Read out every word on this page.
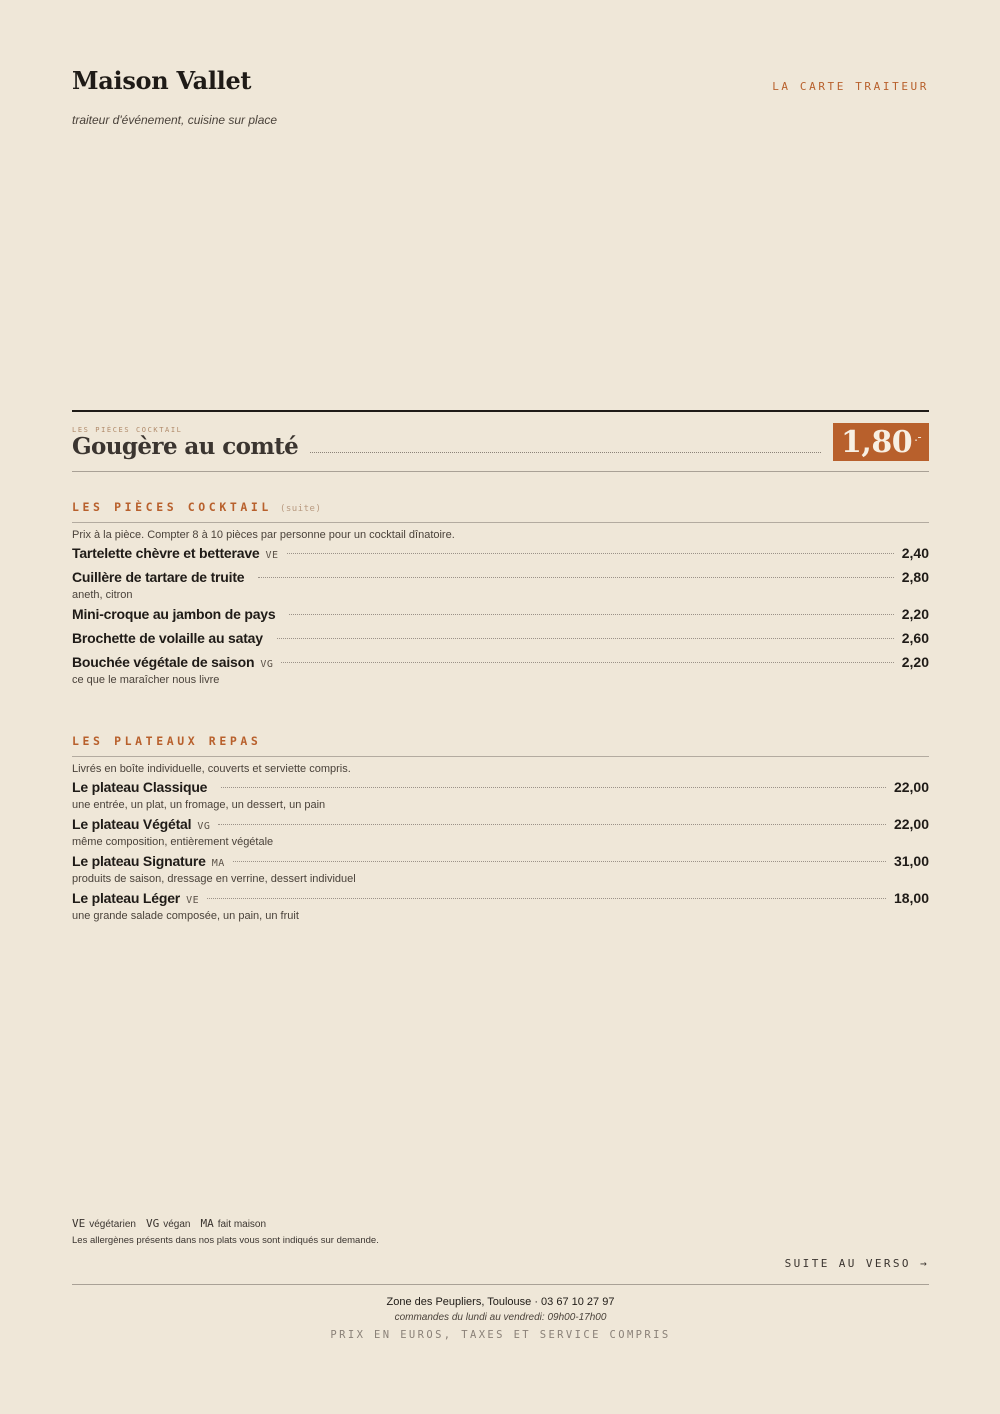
Maison Vallet
traiteur d'événement, cuisine sur place
LA CARTE TRAITEUR
LES PIÈCES COCKTAIL
Gougère au comté	1,80 .-
LES PIÈCES COCKTAIL (suite)
Prix à la pièce. Compter 8 à 10 pièces par personne pour un cocktail dînatoire.
Tartelette chèvre et betterave VE	2,40
Cuillère de tartare de truite	2,80
aneth, citron
Mini-croque au jambon de pays	2,20
Brochette de volaille au satay	2,60
Bouchée végétale de saison VG	2,20
ce que le maraîcher nous livre
LES PLATEAUX REPAS
Livrés en boîte individuelle, couverts et serviette compris.
Le plateau Classique	22,00
une entrée, un plat, un fromage, un dessert, un pain
Le plateau Végétal VG	22,00
même composition, entièrement végétale
Le plateau Signature MA	31,00
produits de saison, dressage en verrine, dessert individuel
Le plateau Léger VE	18,00
une grande salade composée, un pain, un fruit
VE végétarien VG végan MA fait maison
Les allergènes présents dans nos plats vous sont indiqués sur demande.
SUITE AU VERSO →
Zone des Peupliers, Toulouse · 03 67 10 27 97
commandes du lundi au vendredi: 09h00-17h00
PRIX EN EUROS, TAXES ET SERVICE COMPRIS
